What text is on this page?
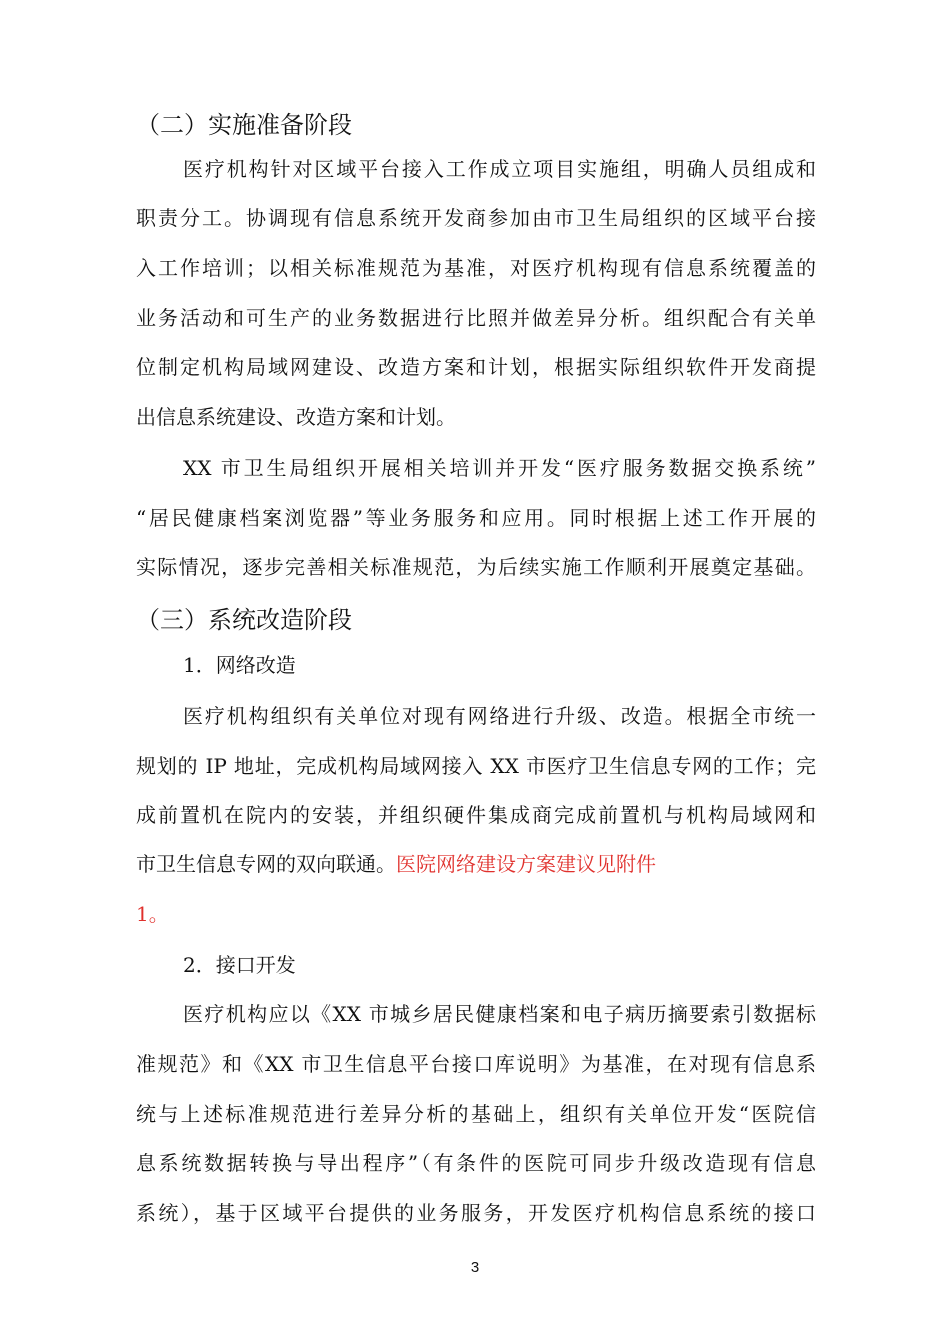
（二）实施准备阶段
医疗机构针对区域平台接入工作成立项目实施组，明确人员组成和
职责分工。协调现有信息系统开发商参加由市卫生局组织的区域平台接
入工作培训；以相关标准规范为基准，对医疗机构现有信息系统覆盖的
业务活动和可生产的业务数据进行比照并做差异分析。组织配合有关单
位制定机构局域网建设、改造方案和计划，根据实际组织软件开发商提
出信息系统建设、改造方案和计划。
XX 市卫生局组织开展相关培训并开发“医疗服务数据交换系统”
“居民健康档案浏览器”等业务服务和应用。同时根据上述工作开展的
实际情况，逐步完善相关标准规范，为后续实施工作顺利开展奠定基础。
（三）系统改造阶段
1．网络改造
医疗机构组织有关单位对现有网络进行升级、改造。根据全市统一
规划的 IP 地址，完成机构局域网接入 XX 市医疗卫生信息专网的工作；完
成前置机在院内的安装，并组织硬件集成商完成前置机与机构局域网和
市卫生信息专网的双向联通。医院网络建设方案建议见附件
1。
2．接口开发
医疗机构应以《XX 市城乡居民健康档案和电子病历摘要索引数据标
准规范》和《XX 市卫生信息平台接口库说明》为基准，在对现有信息系
统与上述标准规范进行差异分析的基础上，组织有关单位开发“医院信
息系统数据转换与导出程序”（有条件的医院可同步升级改造现有信息
系统），基于区域平台提供的业务服务，开发医疗机构信息系统的接口
3
